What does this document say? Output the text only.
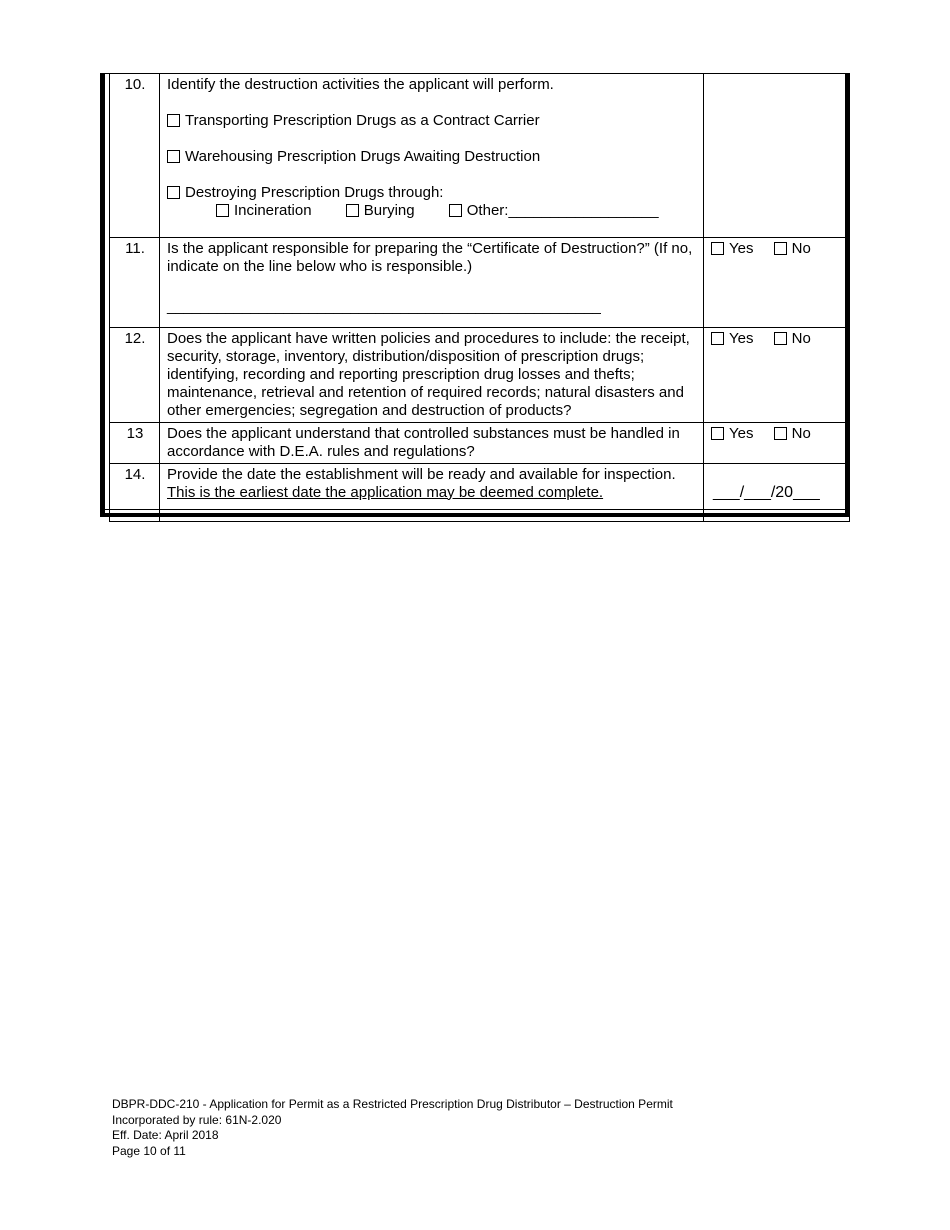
10.	Identify the destruction activities the applicant will perform.
Transporting Prescription Drugs as a Contract Carrier
Warehousing Prescription Drugs Awaiting Destruction
Destroying Prescription Drugs through:
Incineration Burying Other:__________________	

11.	Is the applicant responsible for preparing the “Certificate of Destruction?” (If no, indicate on the line below who is responsible.)
____________________________________________________	Yes No

12.	Does the applicant have written policies and procedures to include: the receipt, security, storage, inventory, distribution/disposition of prescription drugs; identifying, recording and reporting prescription drug losses and thefts; maintenance, retrieval and retention of required records; natural disasters and other emergencies; segregation and destruction of products?	Yes No

13	Does the applicant understand that controlled substances must be handled in accordance with D.E.A. rules and regulations?	Yes No

14.	Provide the date the establishment will be ready and available for inspection.
This is the earliest date the application may be deemed complete.	___/___/20___
DBPR-DDC-210 - Application for Permit as a Restricted Prescription Drug Distributor – Destruction Permit
Incorporated by rule: 61N-2.020
Eff. Date: April 2018
Page 10 of 11
